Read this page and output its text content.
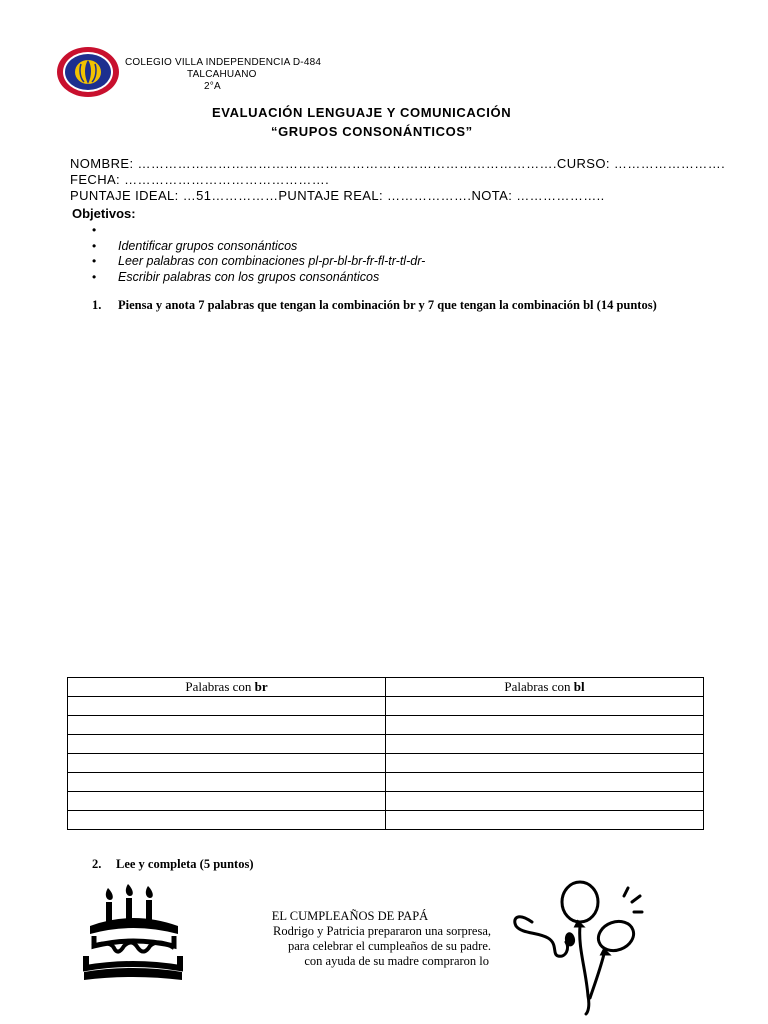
COLEGIO VILLA INDEPENDENCIA D-484
TALCAHUANO
2°A
EVALUACIÓN LENGUAJE Y COMUNICACIÓN
“GRUPOS CONSONÁNTICOS”
NOMBRE: ………………………………………………………………………………….CURSO: …………………….
FECHA: ……………………………………….
PUNTAJE IDEAL: …51……………PUNTAJE REAL: ……………….NOTA: ………………..
Objetivos:
•
• Identificar grupos consonánticos
• Leer palabras con combinaciones pl-pr-bl-br-fr-fl-tr-tl-dr-
• Escribir palabras con los grupos consonánticos
1. Piensa y anota 7 palabras que tengan la combinación br y 7 que tengan la combinación bl (14 puntos)
Palabras con br	Palabras con bl

2. Lee y completa (5 puntos)
EL CUMPLEAÑOS DE PAPÁ
Rodrigo y Patricia prepararon una sorpresa,
para celebrar el cumpleaños de su padre.
con ayuda de su madre compraron lo
